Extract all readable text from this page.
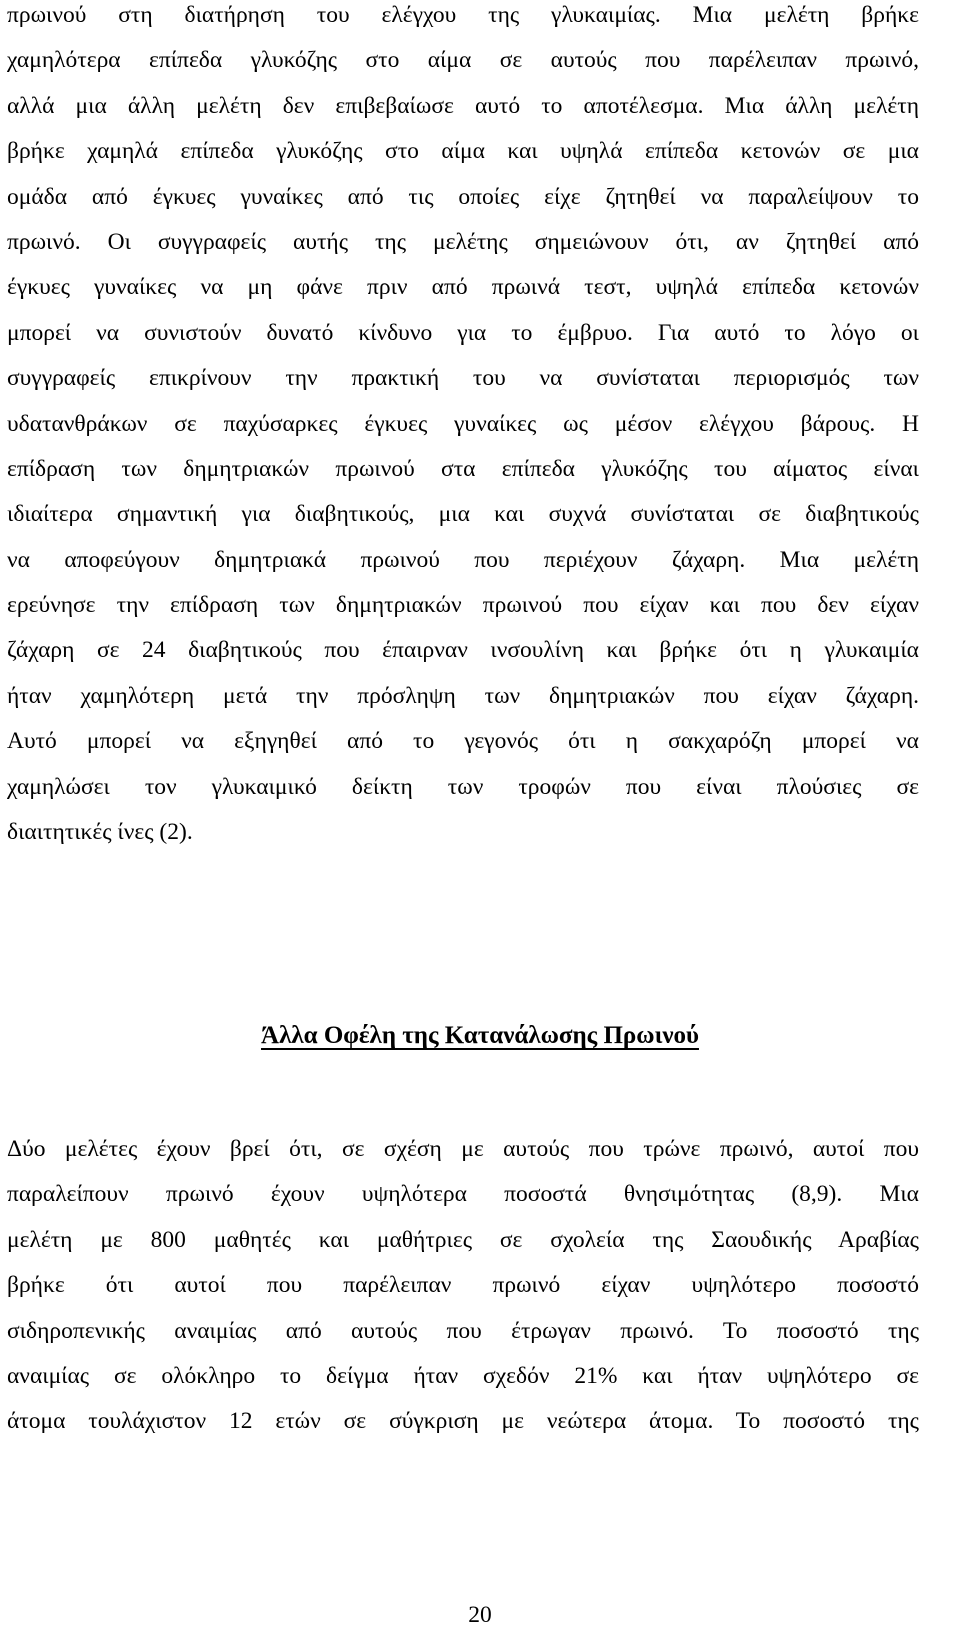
πρωινού στη διατήρηση του ελέγχου της γλυκαιμίας. Μια μελέτη βρήκε
χαμηλότερα επίπεδα γλυκόζης στο αίμα σε αυτούς που παρέλειπαν πρωινό,
αλλά μια άλλη μελέτη δεν επιβεβαίωσε αυτό το αποτέλεσμα. Μια άλλη μελέτη
βρήκε χαμηλά επίπεδα γλυκόζης στο αίμα και υψηλά επίπεδα κετονών σε μια
ομάδα από έγκυες γυναίκες από τις οποίες είχε ζητηθεί να παραλείψουν το
πρωινό. Οι συγγραφείς αυτής της μελέτης σημειώνουν ότι, αν ζητηθεί από
έγκυες γυναίκες να μη φάνε πριν από πρωινά τεστ, υψηλά επίπεδα κετονών
μπορεί να συνιστούν δυνατό κίνδυνο για το έμβρυο. Για αυτό το λόγο οι
συγγραφείς επικρίνουν την πρακτική του να συνίσταται περιορισμός των
υδατανθράκων σε παχύσαρκες έγκυες γυναίκες ως μέσον ελέγχου βάρους. Η
επίδραση των δημητριακών πρωινού στα επίπεδα γλυκόζης του αίματος είναι
ιδιαίτερα σημαντική για διαβητικούς, μια και συχνά συνίσταται σε διαβητικούς
να αποφεύγουν δημητριακά πρωινού που περιέχουν ζάχαρη. Μια μελέτη
ερεύνησε την επίδραση των δημητριακών πρωινού που είχαν και που δεν είχαν
ζάχαρη σε 24 διαβητικούς που έπαιρναν ινσουλίνη και βρήκε ότι η γλυκαιμία
ήταν χαμηλότερη μετά την πρόσληψη των δημητριακών που είχαν ζάχαρη.
Αυτό μπορεί να εξηγηθεί από το γεγονός ότι η σακχαρόζη μπορεί να
χαμηλώσει τον γλυκαιμικό δείκτη των τροφών που είναι πλούσιες σε
διαιτητικές ίνες (2).
Άλλα Οφέλη της Κατανάλωσης Πρωινού
Δύο μελέτες έχουν βρεί ότι, σε σχέση με αυτούς που τρώνε πρωινό, αυτοί που
παραλείπουν πρωινό έχουν υψηλότερα ποσοστά θνησιμότητας (8,9). Μια
μελέτη με 800 μαθητές και μαθήτριες σε σχολεία της Σαουδικής Αραβίας
βρήκε ότι αυτοί που παρέλειπαν πρωινό είχαν υψηλότερο ποσοστό
σιδηροπενικής αναιμίας από αυτούς που έτρωγαν πρωινό. Το ποσοστό της
αναιμίας σε ολόκληρο το δείγμα ήταν σχεδόν 21% και ήταν υψηλότερο σε
άτομα τουλάχιστον 12 ετών σε σύγκριση με νεώτερα άτομα. Το ποσοστό της
20
